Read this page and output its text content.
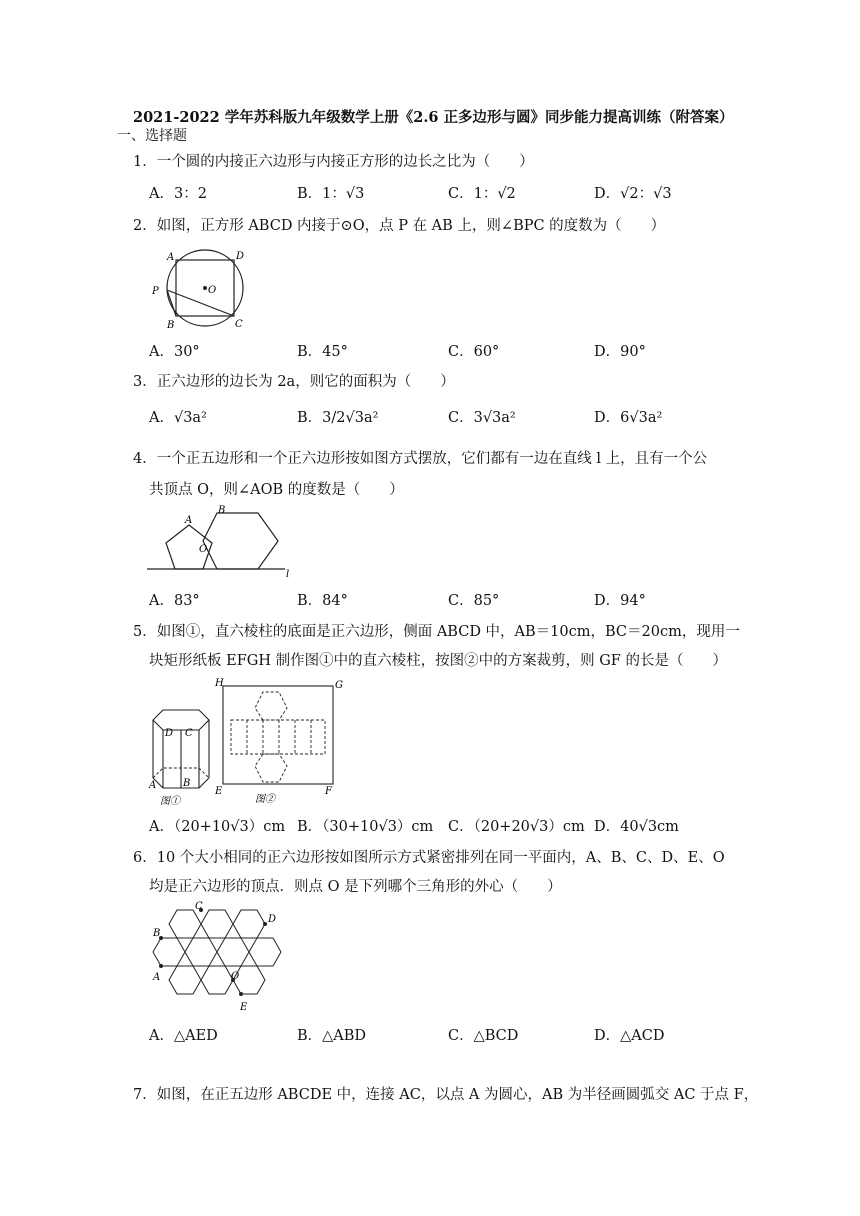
2021-2022 学年苏科版九年级数学上册《2.6 正多边形与圆》同步能力提高训练（附答案）
一、选择题
1．一个圆的内接正六边形与内接正方形的边长之比为（　　）
A．3：2	B．1：√3	C．1：√2	D．√2：√3
2．如图，正方形 ABCD 内接于⊙O，点 P 在 AB 上，则∠BPC 的度数为（　　）
A	D
O
P
B	C
A．30°	B．45°	C．60°	D．90°
3．正六边形的边长为 2a，则它的面积为（　　）
A．√3a²	B．3/2√3a²	C．3√3a²	D．6√3a²
4．一个正五边形和一个正六边形按如图方式摆放，它们都有一边在直线 l 上，且有一个公
共顶点 O，则∠AOB 的度数是（　　）
A
B
O
l
A．83°	B．84°	C．85°	D．94°
5．如图①，直六棱柱的底面是正六边形，侧面 ABCD 中，AB＝10cm，BC＝20cm，现用一
块矩形纸板 EFGH 制作图①中的直六棱柱，按图②中的方案裁剪，则 GF 的长是（　　）
D C
A	B
图①
H	G
E	F
图②
A．（20+10√3）cm B．（30+10√3）cm C．（20+20√3）cm D．40√3cm
6．10 个大小相同的正六边形按如图所示方式紧密排列在同一平面内，A、B、C、D、E、O
均是正六边形的顶点．则点 O 是下列哪个三角形的外心（　　）
C
D
B
A	O
E
A．△AED	B．△ABD	C．△BCD	D．△ACD
7．如图，在正五边形 ABCDE 中，连接 AC，以点 A 为圆心，AB 为半径画圆弧交 AC 于点 F，
